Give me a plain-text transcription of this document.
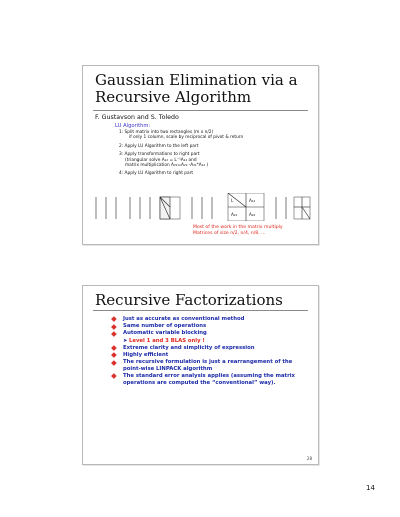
Gaussian Elimination via a Recursive Algorithm
F. Gustavson and S. Toledo
LU Algorithm:
1: Split matrix into two rectangles (m x n/2)
if only 1 column, scale by reciprocal of pivot & return
2: Apply LU Algorithm to the left part
3: Apply transformations to right part
(triangular solve A₁₂ = L⁻¹A₁₂ and
matrix multiplication A₂₂=A₂₂ -A₂₁*A₁₂ )
4: Apply LU Algorithm to right part
L	A₁₂
A₂₁	A₂₂
Most of the work in the matrix multiply
Matrices of size n/2, n/4, n/8, ...
Recursive Factorizations
Just as accurate as conventional method
Same number of operations
Automatic variable blocking
➤ Level 1 and 3 BLAS only !
Extreme clarity and simplicity of expression
Highly efficient
The recursive formulation is just a rearrangement of the point-wise LINPACK algorithm
The standard error analysis applies (assuming the matrix operations are computed the “conventional” way).
28
14
